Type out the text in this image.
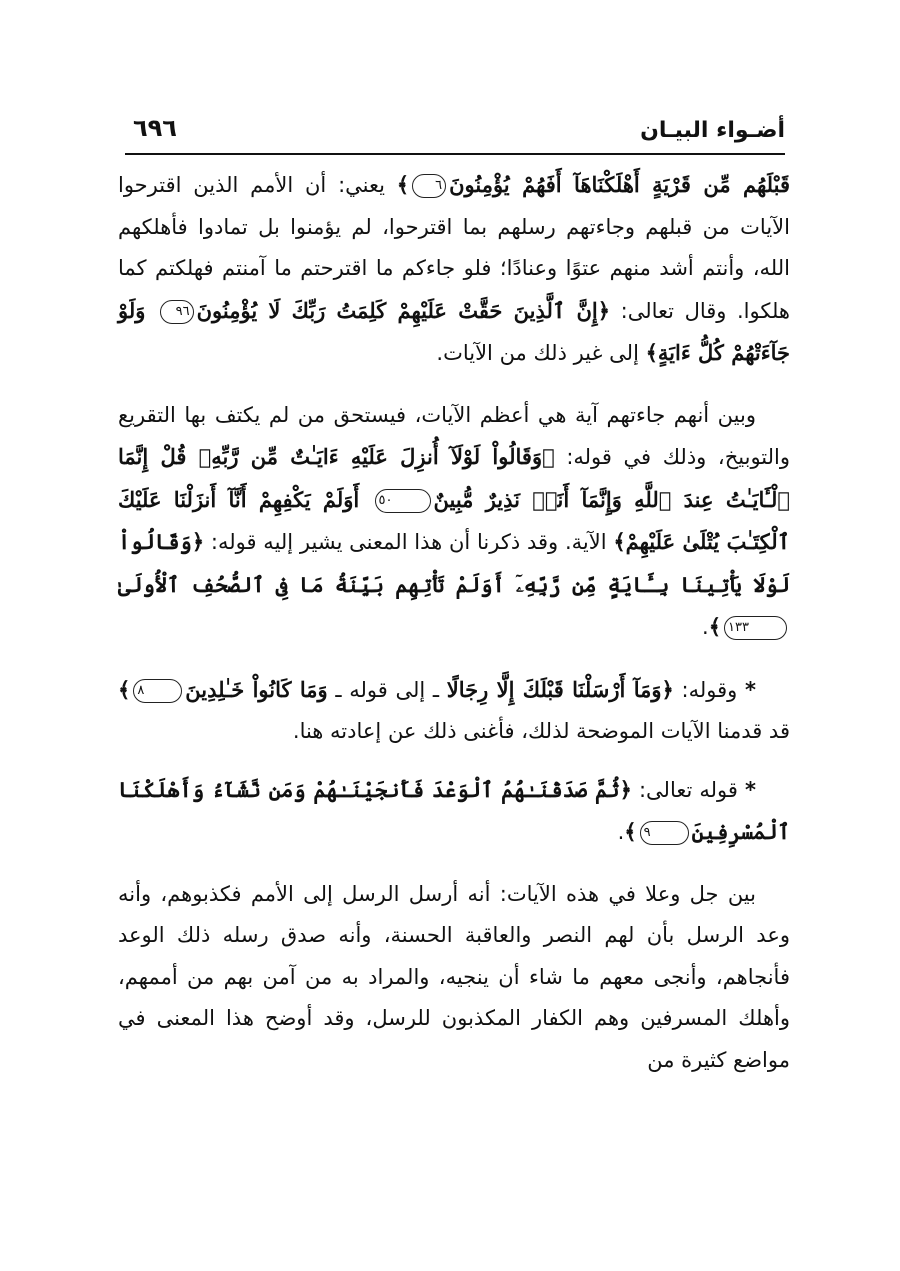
أضـواء البيـان
٦٩٦

قَبْلَهُم مِّن قَرْيَةٍ أَهْلَكْنَاهَآ أَفَهُمْ يُؤْمِنُونَ٦﴾ يعني: أن الأمم الذين اقترحوا الآيات من قبلهم وجاءتهم رسلهم بما اقترحوا، لم يؤمنوا بل تمادوا فأهلكهم الله، وأنتم أشد منهم عتوًا وعنادًا؛ فلو جاءكم ما اقترحتم ما آمنتم فهلكتم كما هلكوا. وقال تعالى: ﴿إِنَّ ٱلَّذِينَ حَقَّتْ عَلَيْهِمْ كَلِمَتُ رَبِّكَ لَا يُؤْمِنُونَ٩٦ وَلَوْ جَآءَتْهُمْ كُلُّ ءَايَةٍ﴾ إلى غير ذلك من الآيات.

وبين أنهم جاءتهم آية هي أعظم الآيات، فيستحق من لم يكتف بها التقريع والتوبيخ، وذلك في قوله: ﴿وَقَالُواْ لَوْلَآ أُنزِلَ عَلَيْهِ ءَايَـٰتٌ مِّن رَّبِّهِۦ قُلْ إِنَّمَا ٱلْـَٔايَـٰتُ عِندَ ٱللَّهِ وَإِنَّمَآ أَنَا۠ نَذِيرٌ مُّبِينٌ٥٠ أَوَلَمْ يَكْفِهِمْ أَنَّآ أَنزَلْنَا عَلَيْكَ ٱلْكِتَـٰبَ يُتْلَىٰ عَلَيْهِمْ﴾ الآية. وقد ذكرنا أن هذا المعنى يشير إليه قوله: ﴿وَقَالُواْ لَوْلَا يَأْتِينَا بِـَٔايَةٍ مِّن رَّبِّهِۦٓ أَوَلَمْ تَأْتِهِم بَيِّنَةُ مَا فِى ٱلصُّحُفِ ٱلْأُولَىٰ١٣٣﴾.

* وقوله: ﴿وَمَآ أَرْسَلْنَا قَبْلَكَ إِلَّا رِجَالًا ـ إلى قوله ـ وَمَا كَانُواْ خَـٰلِدِينَ٨﴾ قد قدمنا الآيات الموضحة لذلك، فأغنى ذلك عن إعادته هنا.

* قوله تعالى: ﴿ثُمَّ صَدَقْنَـٰهُمُ ٱلْوَعْدَ فَأَنجَيْنَـٰهُمْ وَمَن نَّشَآءُ وَأَهْلَكْنَا ٱلْمُسْرِفِينَ٩﴾.

بين جل وعلا في هذه الآيات: أنه أرسل الرسل إلى الأمم فكذبوهم، وأنه وعد الرسل بأن لهم النصر والعاقبة الحسنة، وأنه صدق رسله ذلك الوعد فأنجاهم، وأنجى معهم ما شاء أن ينجيه، والمراد به من آمن بهم من أممهم، وأهلك المسرفين وهم الكفار المكذبون للرسل، وقد أوضح هذا المعنى في مواضع كثيرة من
